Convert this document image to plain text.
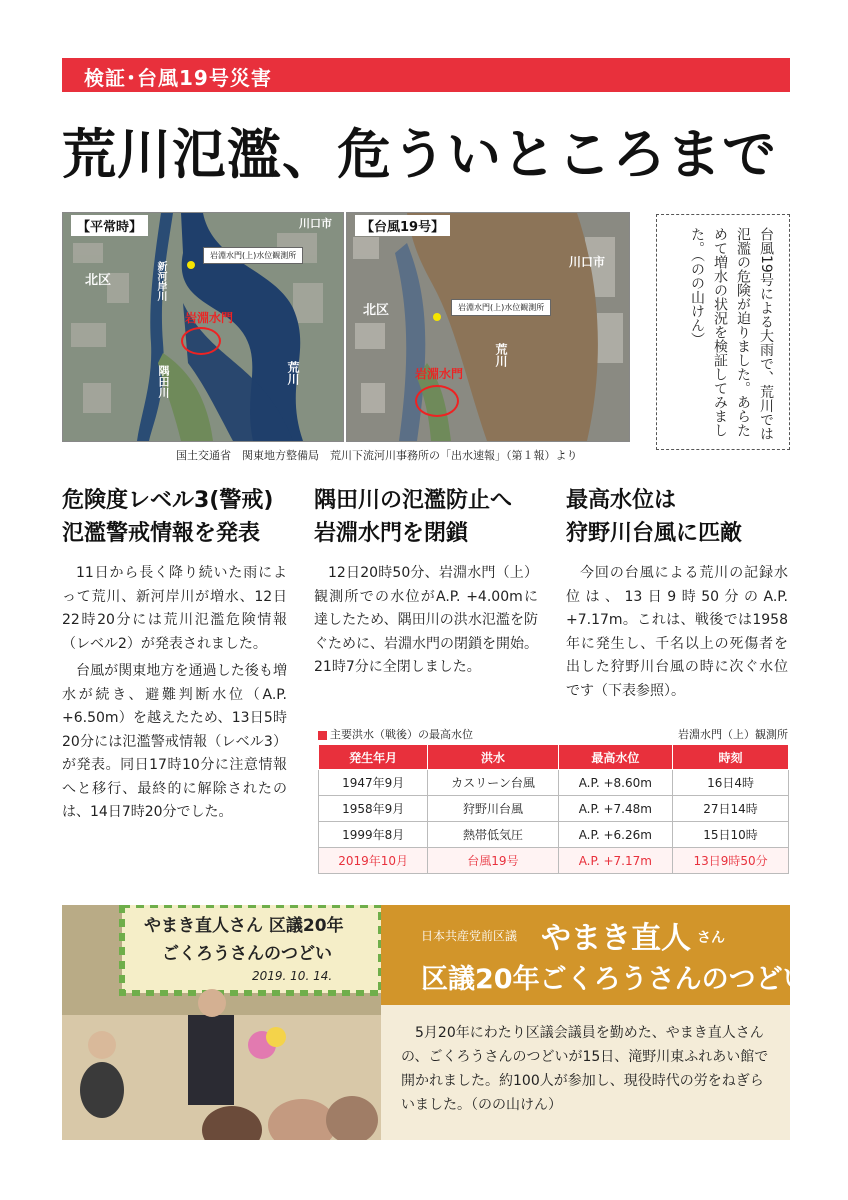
検証･台風19号災害
荒川氾濫、危ういところまで
【平常時】	川口市
北区	新河岸川
隅田川	荒川
岩淵水門(上)水位観測所
岩淵水門
【台風19号】
川口市
北区
荒川
岩淵水門(上)水位観測所
岩淵水門
国土交通省　関東地方整備局　荒川下流河川事務所の「出水速報」（第１報）より
台風19号による大雨で、荒川では氾濫の危険が迫りました。あらためて増水の状況を検証してみました。（のの山けん）
危険度レベル3(警戒)
氾濫警戒情報を発表

11日から長く降り続いた雨によって荒川、新河岸川が増水、12日22時20分には荒川氾濫危険情報（レベル2）が発表されました。

台風が関東地方を通過した後も増水が続き、避難判断水位（A.P. +6.50m）を越えたため、13日5時20分には氾濫警戒情報（レベル3）が発表。同日17時10分に注意情報へと移行、最終的に解除されたのは、14日7時20分でした。

隅田川の氾濫防止へ
岩淵水門を閉鎖

12日20時50分、岩淵水門（上）観測所での水位がA.P. +4.00mに達したため、隅田川の洪水氾濫を防ぐために、岩淵水門の閉鎖を開始。21時7分に全閉しました。

最高水位は
狩野川台風に匹敵

今回の台風による荒川の記録水位は、13日9時50分のA.P. +7.17m。これは、戦後では1958年に発生し、千名以上の死傷者を出した狩野川台風の時に次ぐ水位です（下表参照）。

主要洪水（戦後）の最高水位	岩淵水門（上）観測所
発生年月	洪水	最高水位	時刻
1947年9月	カスリーン台風	A.P. +8.60m	16日4時
1958年9月	狩野川台風	A.P. +7.48m	27日14時
1999年8月	熱帯低気圧	A.P. +6.26m	15日10時
2019年10月	台風19号	A.P. +7.17m	13日9時50分
やまき直人さん 区議20年
ごくろうさんのつどい
2019. 10. 14.
日本共産党前区議 やまき直人 さん
区議20年ごくろうさんのつどい

5月20年にわたり区議会議員を勤めた、やまき直人さんの、ごくろうさんのつどいが15日、滝野川東ふれあい館で開かれました。約100人が参加し、現役時代の労をねぎらいました。（のの山けん）
